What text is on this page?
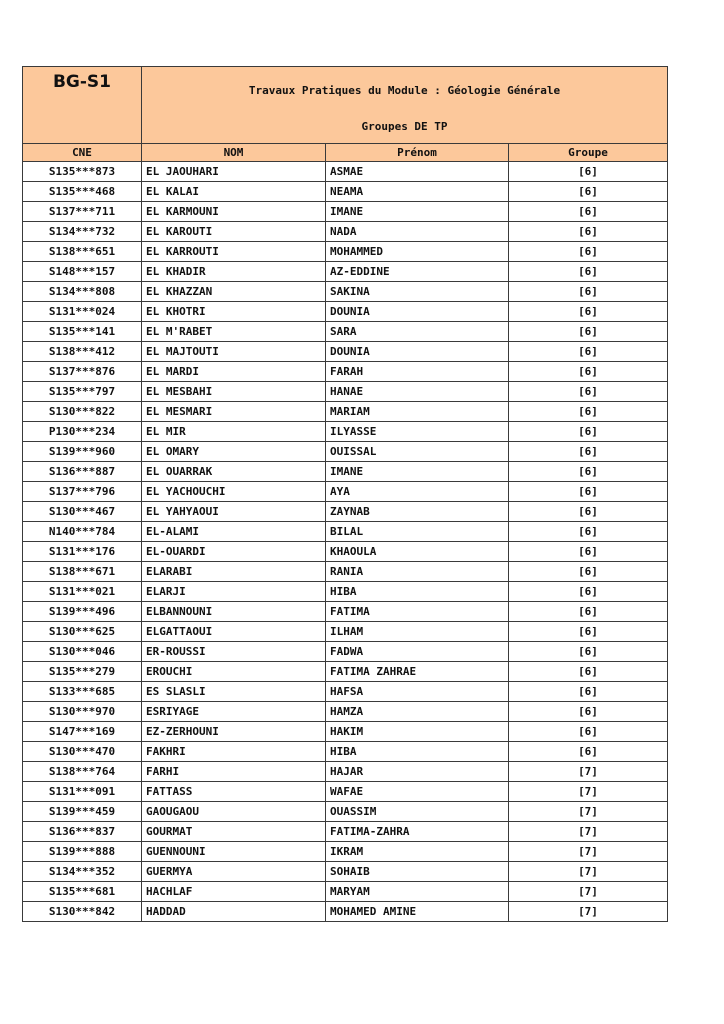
BG-S1	Travaux Pratiques du Module : Géologie Générale
Groupes DE TP		

CNE	NOM	Prénom	Groupe
S135***873	EL JAOUHARI	ASMAE	[6]
S135***468	EL KALAI	NEAMA	[6]
S137***711	EL KARMOUNI	IMANE	[6]
S134***732	EL KAROUTI	NADA	[6]
S138***651	EL KARROUTI	MOHAMMED	[6]
S148***157	EL KHADIR	AZ-EDDINE	[6]
S134***808	EL KHAZZAN	SAKINA	[6]
S131***024	EL KHOTRI	DOUNIA	[6]
S135***141	EL M'RABET	SARA	[6]
S138***412	EL MAJTOUTI	DOUNIA	[6]
S137***876	EL MARDI	FARAH	[6]
S135***797	EL MESBAHI	HANAE	[6]
S130***822	EL MESMARI	MARIAM	[6]
P130***234	EL MIR	ILYASSE	[6]
S139***960	EL OMARY	OUISSAL	[6]
S136***887	EL OUARRAK	IMANE	[6]
S137***796	EL YACHOUCHI	AYA	[6]
S130***467	EL YAHYAOUI	ZAYNAB	[6]
N140***784	EL-ALAMI	BILAL	[6]
S131***176	EL-OUARDI	KHAOULA	[6]
S138***671	ELARABI	RANIA	[6]
S131***021	ELARJI	HIBA	[6]
S139***496	ELBANNOUNI	FATIMA	[6]
S130***625	ELGATTAOUI	ILHAM	[6]
S130***046	ER-ROUSSI	FADWA	[6]
S135***279	EROUCHI	FATIMA ZAHRAE	[6]
S133***685	ES SLASLI	HAFSA	[6]
S130***970	ESRIYAGE	HAMZA	[6]
S147***169	EZ-ZERHOUNI	HAKIM	[6]
S130***470	FAKHRI	HIBA	[6]
S138***764	FARHI	HAJAR	[7]
S131***091	FATTASS	WAFAE	[7]
S139***459	GAOUGAOU	OUASSIM	[7]
S136***837	GOURMAT	FATIMA-ZAHRA	[7]
S139***888	GUENNOUNI	IKRAM	[7]
S134***352	GUERMYA	SOHAIB	[7]
S135***681	HACHLAF	MARYAM	[7]
S130***842	HADDAD	MOHAMED AMINE	[7]
